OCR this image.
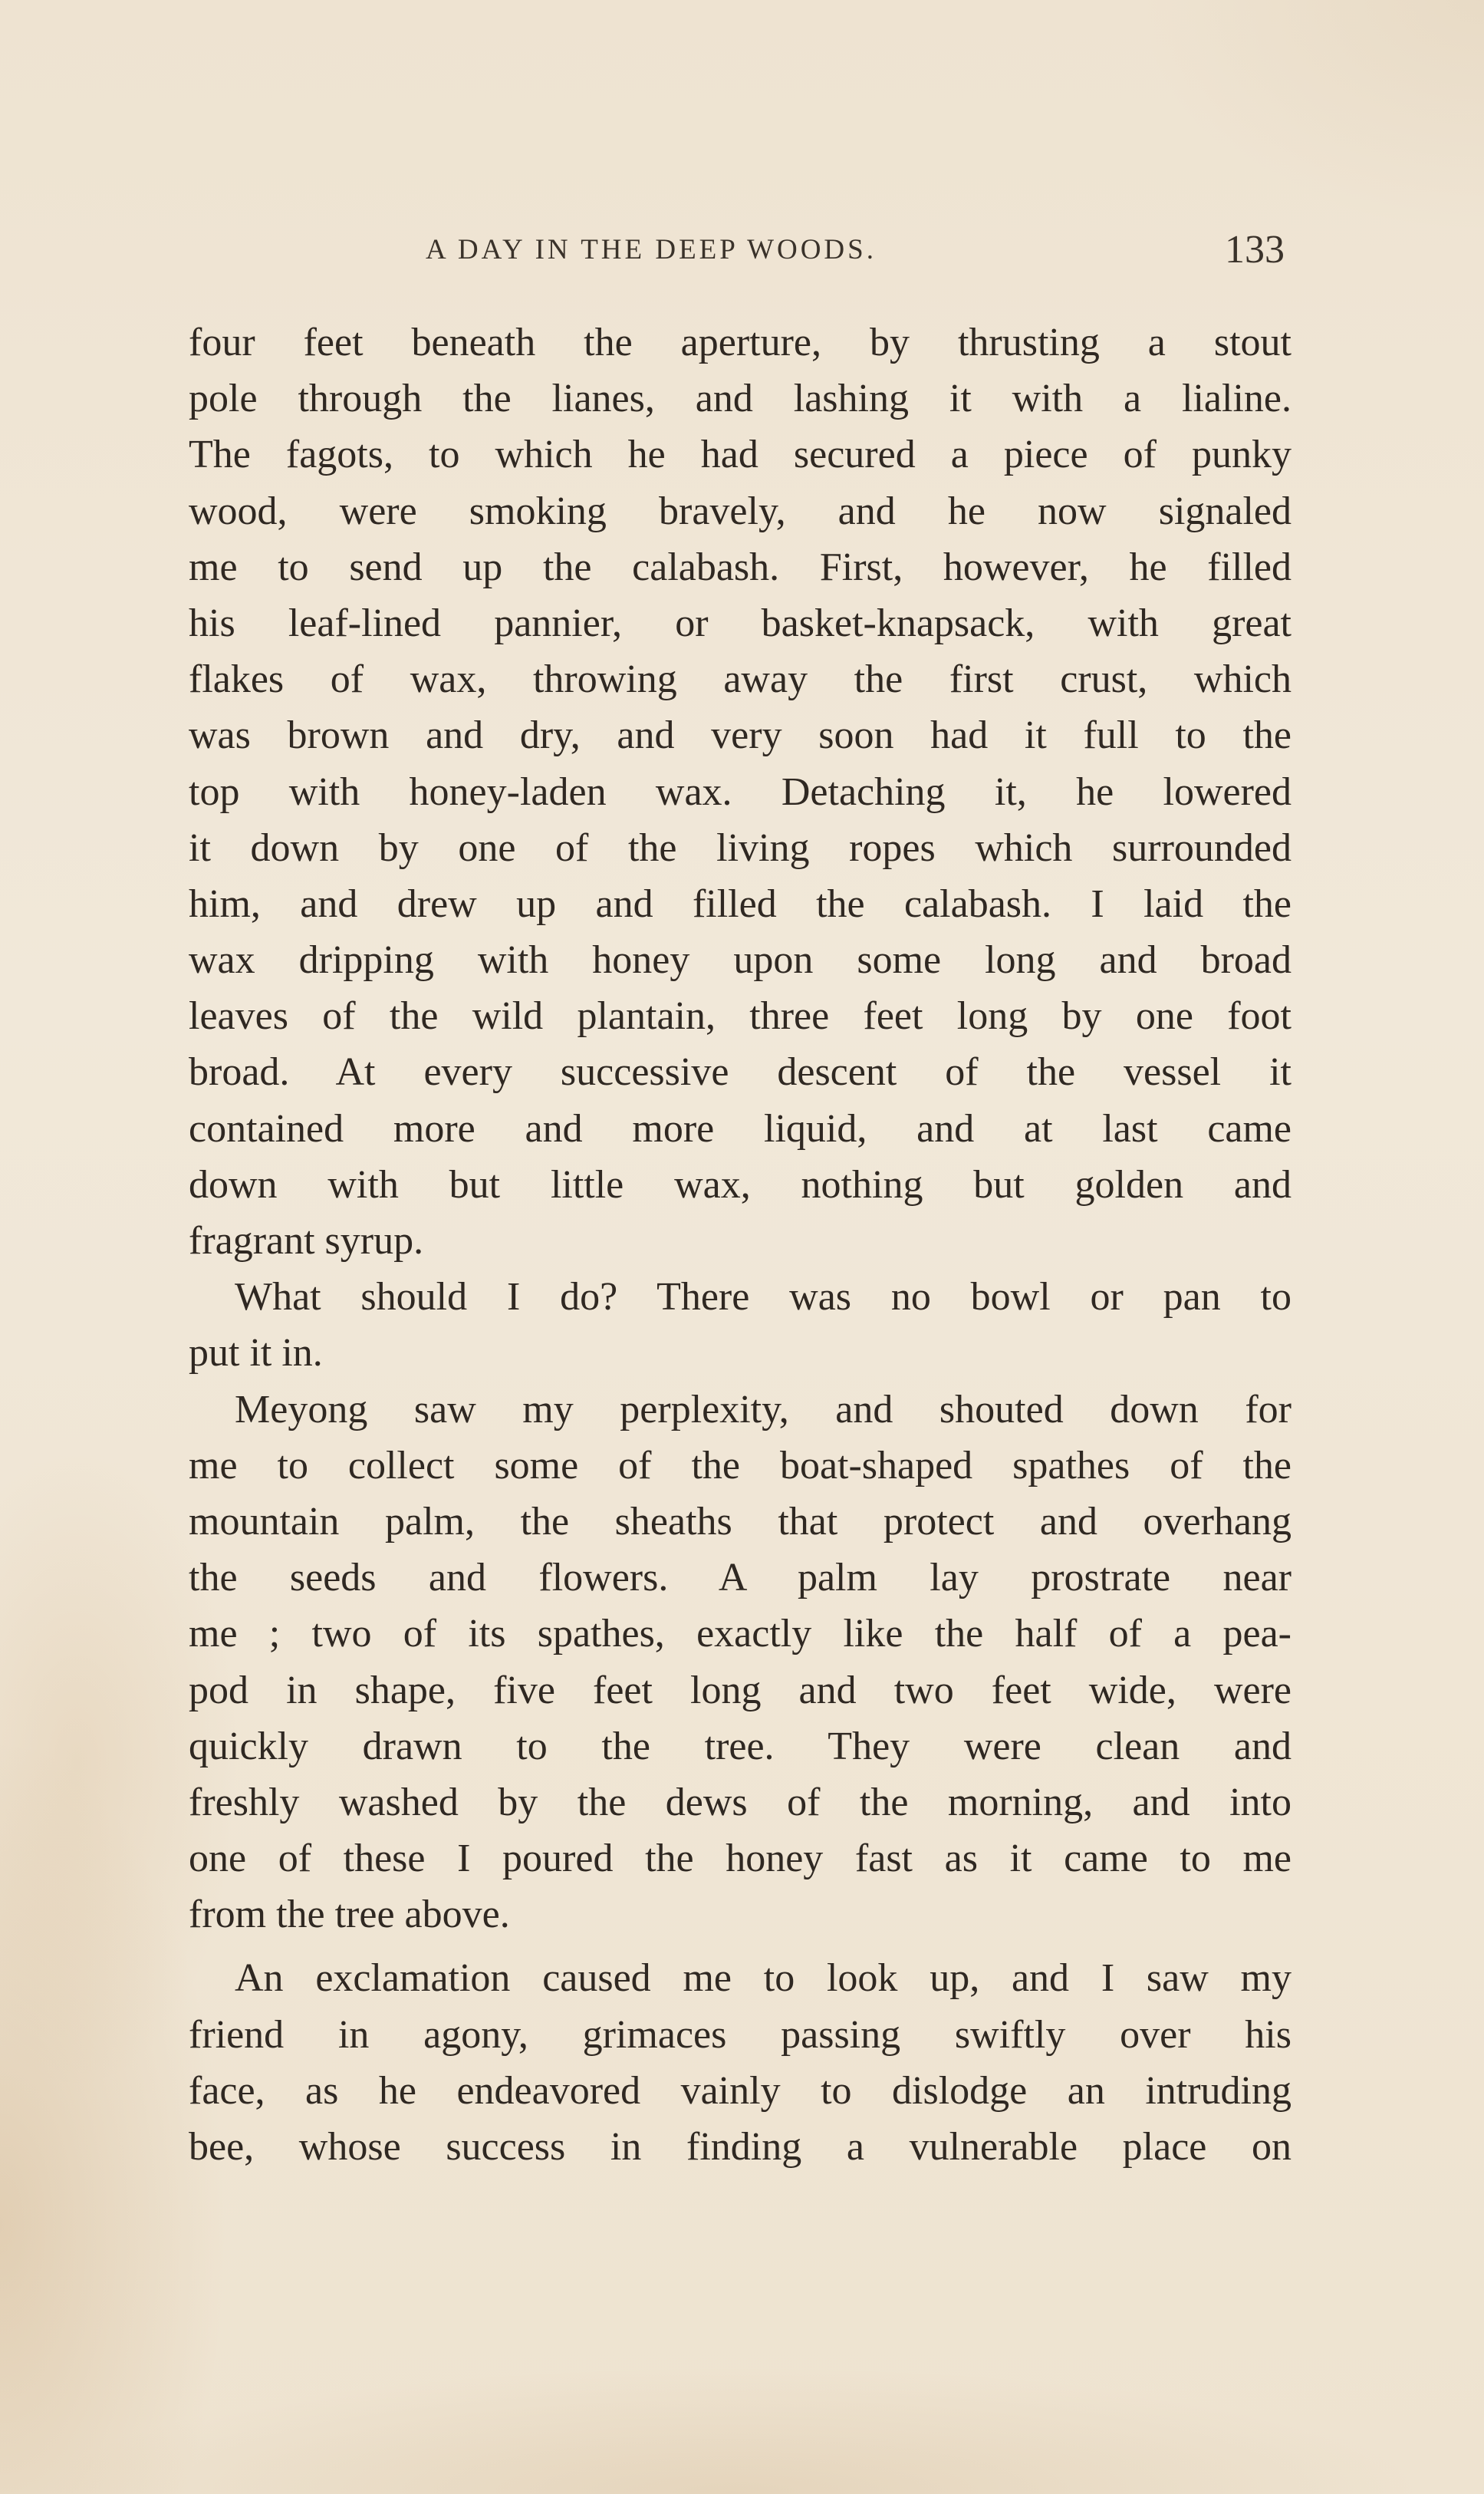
A DAY IN THE DEEP WOODS.	133
four feet beneath the aperture, by thrusting a stout
pole through the lianes, and lashing it with a lialine.
The fagots, to which he had secured a piece of punky
wood, were smoking bravely, and he now signaled
me to send up the calabash. First, however, he filled
his leaf-lined pannier, or basket-knapsack, with great
flakes of wax, throwing away the first crust, which
was brown and dry, and very soon had it full to the
top with honey-laden wax. Detaching it, he lowered
it down by one of the living ropes which surrounded
him, and drew up and filled the calabash. I laid the
wax dripping with honey upon some long and broad
leaves of the wild plantain, three feet long by one foot
broad. At every successive descent of the vessel it
contained more and more liquid, and at last came
down with but little wax, nothing but golden and
fragrant syrup.
What should I do? There was no bowl or pan to
put it in.
Meyong saw my perplexity, and shouted down for
me to collect some of the boat-shaped spathes of the
mountain palm, the sheaths that protect and overhang
the seeds and flowers. A palm lay prostrate near
me ; two of its spathes, exactly like the half of a pea-
pod in shape, five feet long and two feet wide, were
quickly drawn to the tree. They were clean and
freshly washed by the dews of the morning, and into
one of these I poured the honey fast as it came to me
from the tree above.
An exclamation caused me to look up, and I saw my
friend in agony, grimaces passing swiftly over his
face, as he endeavored vainly to dislodge an intruding
bee, whose success in finding a vulnerable place on
